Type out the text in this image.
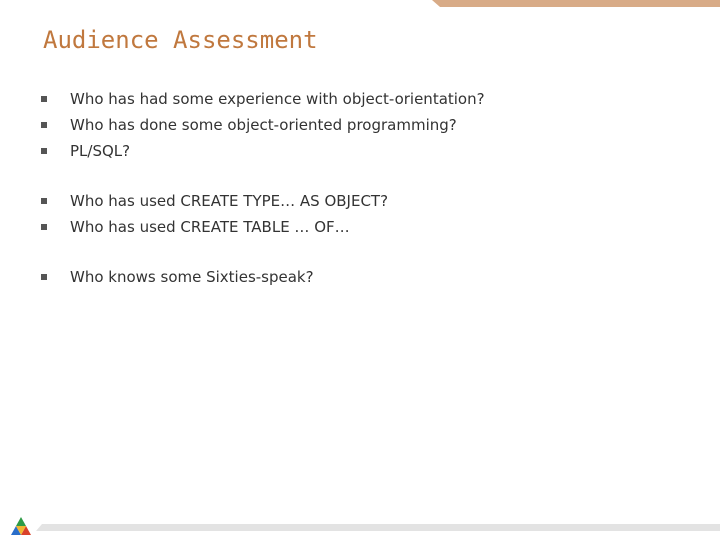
Audience Assessment
Who has had some experience with object-orientation?
Who has done some object-oriented programming?
PL/SQL?
Who has used CREATE TYPE… AS OBJECT?
Who has used CREATE TABLE … OF…
Who knows some Sixties-speak?
